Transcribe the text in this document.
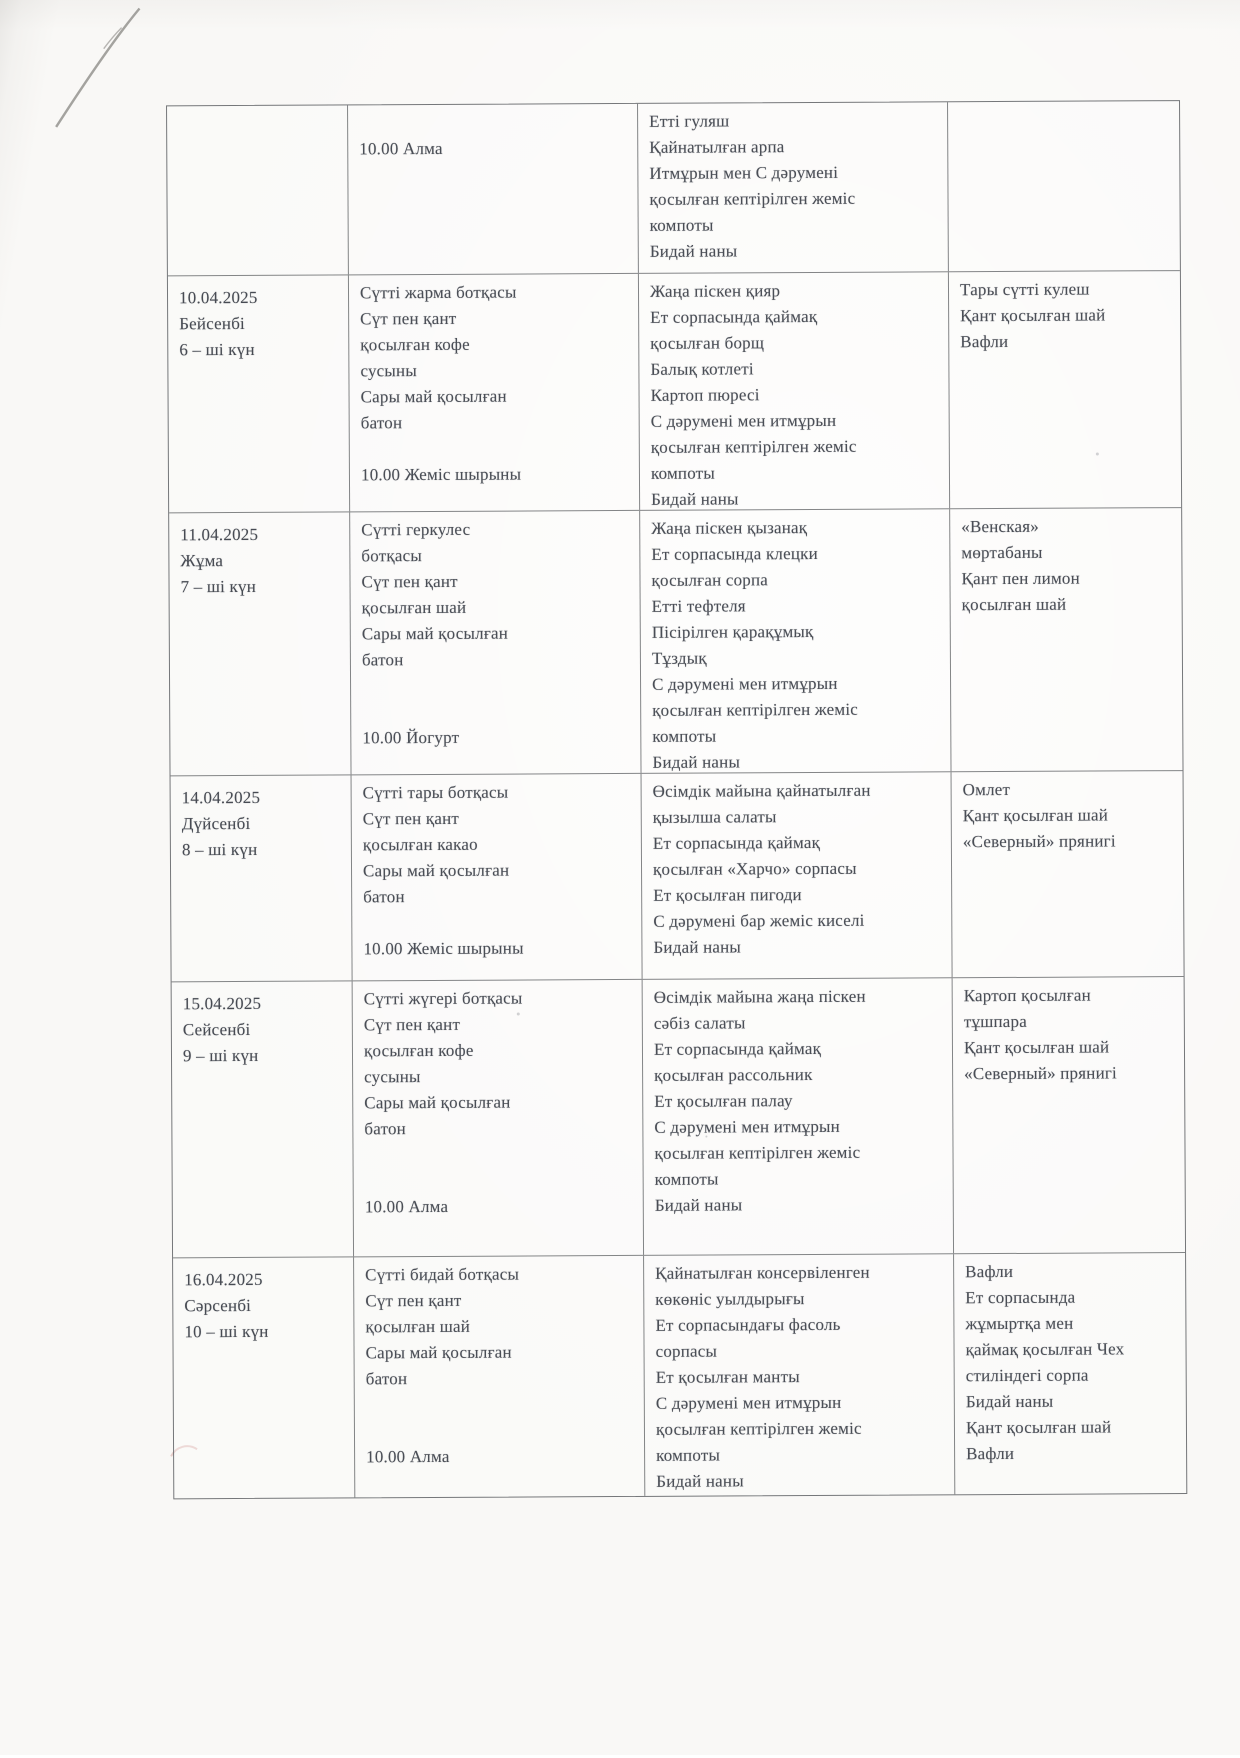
10.00 Алма
Етті гуляш
Қайнатылған арпа
Итмұрын мен С дәрумені
қосылған кептірілген жеміс
компоты
Бидай наны
10.04.2025
Бейсенбі
6 – ші күн
Сүтті жарма ботқасы
Сүт пен қант
қосылған кофе
сусыны
Сары май қосылған
батон

10.00 Жеміс шырыны
Жаңа піскен қияр
Ет сорпасында қаймақ
қосылған борщ
Балық котлеті
Картоп пюресі
С дәрумені мен итмұрын
қосылған кептірілген жеміс
компоты
Бидай наны
Тары сүтті кулеш
Қант қосылған шай
Вафли
11.04.2025
Жұма
7 – ші күн
Сүтті геркулес
ботқасы
Сүт пен қант
қосылған шай
Сары май қосылған
батон

10.00 Йогурт
Жаңа піскен қызанақ
Ет сорпасында клецки
қосылған сорпа
Етті тефтеля
Пісірілген қарақұмық
Тұздық
С дәрумені мен итмұрын
қосылған кептірілген жеміс
компоты
Бидай наны
«Венская»
мөртабаны
Қант пен лимон
қосылған шай
14.04.2025
Дүйсенбі
8 – ші күн
Сүтті тары ботқасы
Сүт пен қант
қосылған какао
Сары май қосылған
батон

10.00 Жеміс шырыны
Өсімдік майына қайнатылған
қызылша салаты
Ет сорпасында қаймақ
қосылған «Харчо» сорпасы
Ет қосылған пигоди
С дәрумені бар жеміс киселі
Бидай наны
Омлет
Қант қосылған шай
«Северный» прянигі
15.04.2025
Сейсенбі
9 – ші күн
Сүтті жүгері ботқасы
Сүт пен қант
қосылған кофе
сусыны
Сары май қосылған
батон

10.00 Алма
Өсімдік майына жаңа піскен
сәбіз салаты
Ет сорпасында қаймақ
қосылған рассольник
Ет қосылған палау
С дәрумені мен итмұрын
қосылған кептірілген жеміс
компоты
Бидай наны
Картоп қосылған
тұшпара
Қант қосылған шай
«Северный» прянигі
16.04.2025
Сәрсенбі
10 – ші күн
Сүтті бидай ботқасы
Сүт пен қант
қосылған шай
Сары май қосылған
батон

10.00 Алма
Қайнатылған консервіленген
көкөніс уылдырығы
Ет сорпасындағы фасоль
сорпасы
Ет қосылған манты
С дәрумені мен итмұрын
қосылған кептірілген жеміс
компоты
Бидай наны
Вафли
Ет сорпасында
жұмыртқа мен
қаймақ қосылған Чех
стиліндегі сорпа
Бидай наны
Қант қосылған шай
Вафли
